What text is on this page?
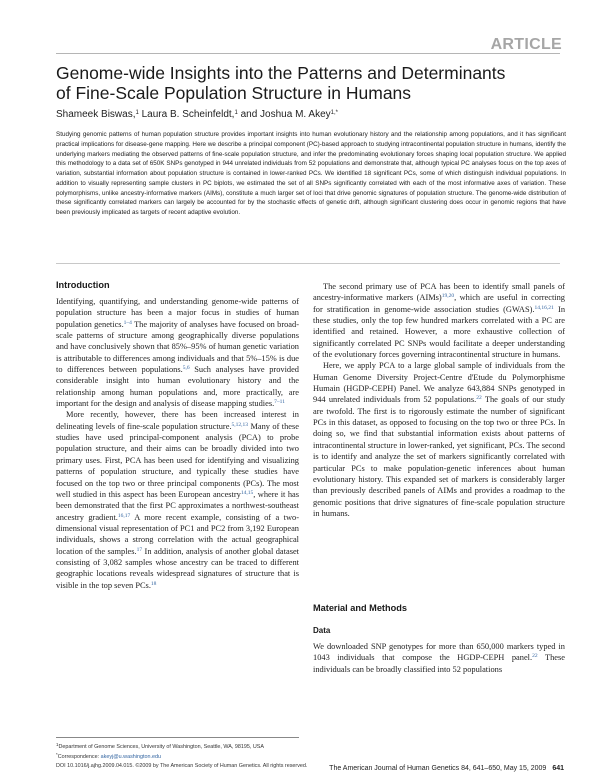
ARTICLE
Genome-wide Insights into the Patterns and Determinants
of Fine-Scale Population Structure in Humans
Shameek Biswas,$^1$ Laura B. Scheinfeldt,$^1$ and Joshua M. Akey$^{1,*}$
Studying genomic patterns of human population structure provides important insights into human evolutionary history and the relationship among populations, and it has significant practical implications for disease-gene mapping. Here we describe a principal component (PC)-based approach to studying intracontinental population structure in humans, identify the underlying markers mediating the observed patterns of fine-scale population structure, and infer the predominating evolutionary forces shaping local population structure. We applied this methodology to a data set of 650K SNPs genotyped in 944 unrelated individuals from 52 populations and demonstrate that, although typical PC analyses focus on the top axes of variation, substantial information about population structure is contained in lower-ranked PCs. We identified 18 significant PCs, some of which distinguish individual populations. In addition to visually representing sample clusters in PC biplots, we estimated the set of all SNPs significantly correlated with each of the most informative axes of variation. These polymorphisms, unlike ancestry-informative markers (AIMs), constitute a much larger set of loci that drive genomic signatures of population structure. The genome-wide distribution of these significantly correlated markers can largely be accounted for by the stochastic effects of genetic drift, although significant clustering does occur in genomic regions that have been previously implicated as targets of recent adaptive evolution.
Introduction

Identifying, quantifying, and understanding genome-wide patterns of population structure has been a major focus in studies of human population genetics.$^{1-4}$ The majority of analyses have focused on broad-scale patterns of structure among geographically diverse populations and have conclusively shown that 85%–95% of human genetic variation is attributable to differences among individuals and that 5%–15% is due to differences between populations.$^{5,6}$ Such analyses have provided considerable insight into human evolutionary history and the relationship among human populations and, more practically, are important for the design and analysis of disease mapping studies.$^{7-11}$

More recently, however, there has been increased interest in delineating levels of fine-scale population structure.$^{5,12,13}$ Many of these studies have used principal-component analysis (PCA) to probe population structure, and their aims can be broadly divided into two primary uses. First, PCA has been used for identifying and visualizing patterns of population structure, and typically these studies have focused on the top two or three principal components (PCs). The most well studied in this aspect has been European ancestry$^{14,15}$, where it has been demonstrated that the first PC approximates a northwest-southeast ancestry gradient.$^{16,17}$ A more recent example, consisting of a two-dimensional visual representation of PC1 and PC2 from 3,192 European individuals, shows a strong correlation with the actual geographical location of the samples.$^{17}$ In addition, analysis of another global dataset consisting of 3,082 samples whose ancestry can be traced to different geographic locations reveals widespread signatures of structure that is visible in the top seven PCs.$^{18}$

The second primary use of PCA has been to identify small panels of ancestry-informative markers (AIMs)$^{19,20}$, which are useful in correcting for stratification in genome-wide association studies (GWAS).$^{14,16,21}$ In these studies, only the top few hundred markers correlated with a PC are identified and retained. However, a more exhaustive collection of significantly correlated PC SNPs would facilitate a deeper understanding of the evolutionary forces governing intracontinental structure in humans.

Here, we apply PCA to a large global sample of individuals from the Human Genome Diversity Project-Centre d'Etude du Polymorphisme Humain (HGDP-CEPH) Panel. We analyze 643,884 SNPs genotyped in 944 unrelated individuals from 52 populations.$^{22}$ The goals of our study are twofold. The first is to rigorously estimate the number of significant PCs in this dataset, as opposed to focusing on the top two or three PCs. In doing so, we find that substantial information exists about patterns of intracontinental structure in lower-ranked, yet significant, PCs. The second is to identify and analyze the set of markers significantly correlated with particular PCs to make population-genetic inferences about human evolutionary history. This expanded set of markers is considerably larger than previously described panels of AIMs and provides a roadmap to the genomic positions that drive signatures of fine-scale population structure in humans.

Material and Methods
Data

We downloaded SNP genotypes for more than 650,000 markers typed in 1043 individuals that compose the HGDP-CEPH panel.$^{22}$ These individuals can be broadly classified into 52 populations

$^1$Department of Genome Sciences, University of Washington, Seattle, WA, 98195, USA
*Correspondence: akeyj@u.washington.edu
DOI 10.1016/j.ajhg.2009.04.015. ©2009 by The American Society of Human Genetics. All rights reserved.	The American Journal of Human Genetics 84, 641–650, May 15, 2009 641
